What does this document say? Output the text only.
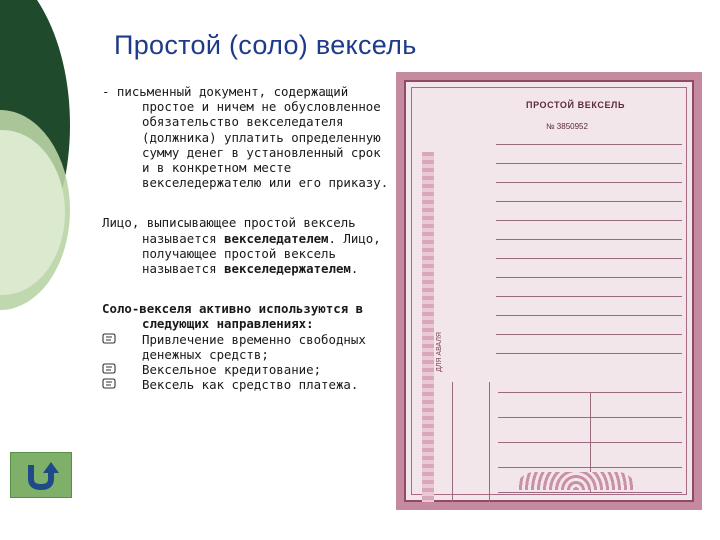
Простой (соло) вексель

- письменный документ, содержащий простое и ничем не обусловленное обязательство векселедателя (должника) уплатить определенную сумму денег в установленный срок и в конкретном месте векселедержателю или его приказу.

Лицо, выписывающее простой вексель называется векселедателем. Лицо, получающее простой вексель называется векселедержателем.

Соло-векселя активно используются в следующих направлениях:

Привлечение временно свободных денежных средств;
Вексельное кредитование;
Вексель как средство платежа.
ДЛЯ АВАЛЯ
ПРОСТОЙ ВЕКСЕЛЬ
№ 3850952
